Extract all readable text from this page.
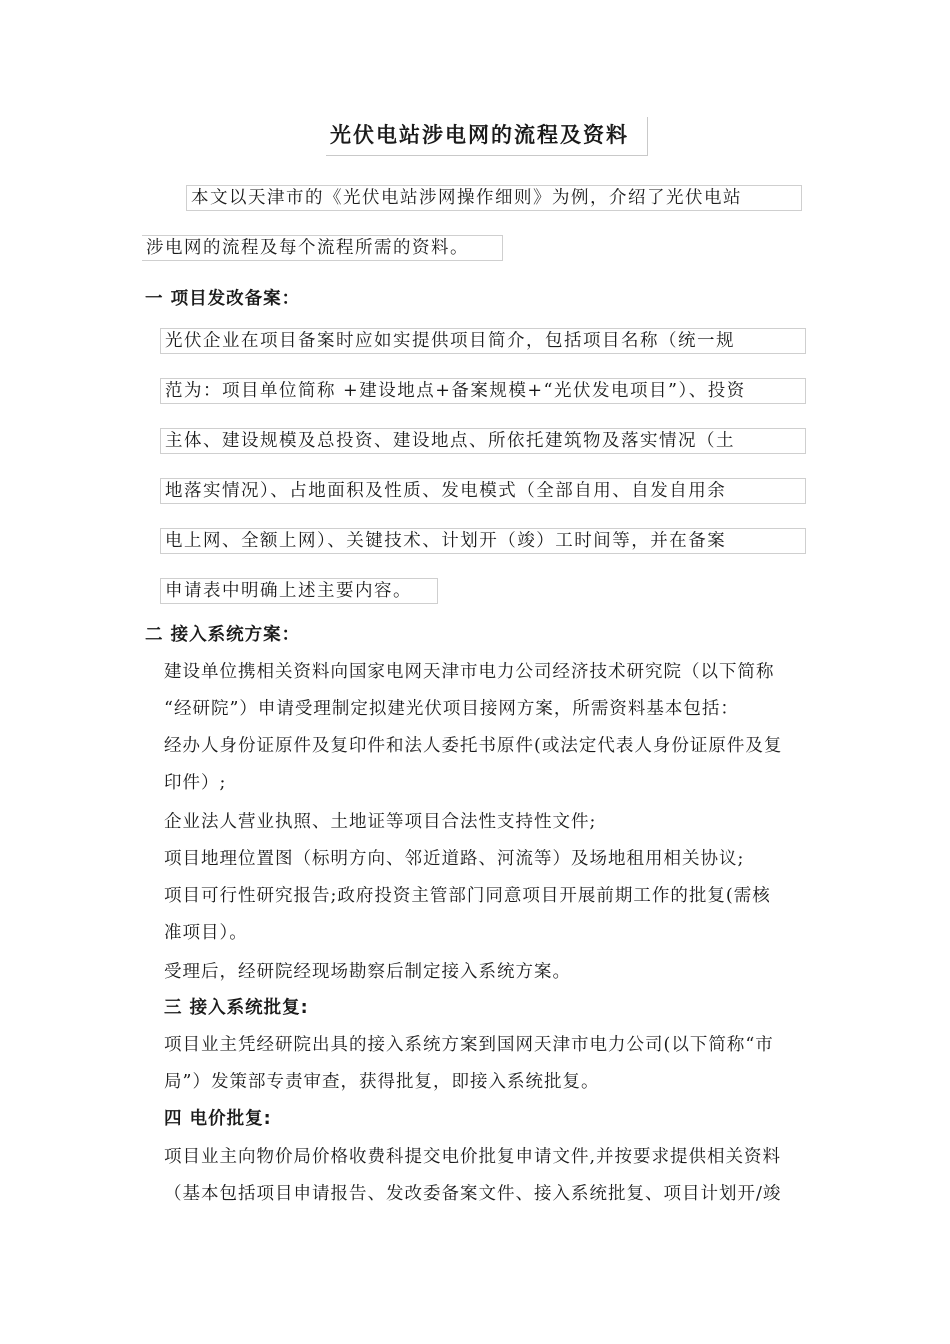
光伏电站涉电网的流程及资料
本文以天津市的《光伏电站涉网操作细则》为例，介绍了光伏电站
涉电网的流程及每个流程所需的资料。
一 项目发改备案：
光伏企业在项目备案时应如实提供项目简介，包括项目名称（统一规
范为：项目单位简称 +建设地点+备案规模+“光伏发电项目”）、投资
主体、建设规模及总投资、建设地点、所依托建筑物及落实情况（土
地落实情况）、占地面积及性质、发电模式（全部自用、自发自用余
电上网、全额上网）、关键技术、计划开（竣）工时间等，并在备案
申请表中明确上述主要内容。
二 接入系统方案：
建设单位携相关资料向国家电网天津市电力公司经济技术研究院（以下简称
“经研院”）申请受理制定拟建光伏项目接网方案，所需资料基本包括：
经办人身份证原件及复印件和法人委托书原件(或法定代表人身份证原件及复
印件）;
企业法人营业执照、土地证等项目合法性支持性文件;
项目地理位置图（标明方向、邻近道路、河流等）及场地租用相关协议;
项目可行性研究报告;政府投资主管部门同意项目开展前期工作的批复(需核
准项目）。
受理后，经研院经现场勘察后制定接入系统方案。
三 接入系统批复:
项目业主凭经研院出具的接入系统方案到国网天津市电力公司(以下简称“市
局”）发策部专责审查，获得批复，即接入系统批复。
四 电价批复:
项目业主向物价局价格收费科提交电价批复申请文件,并按要求提供相关资料
（基本包括项目申请报告、发改委备案文件、接入系统批复、项目计划开/竣
